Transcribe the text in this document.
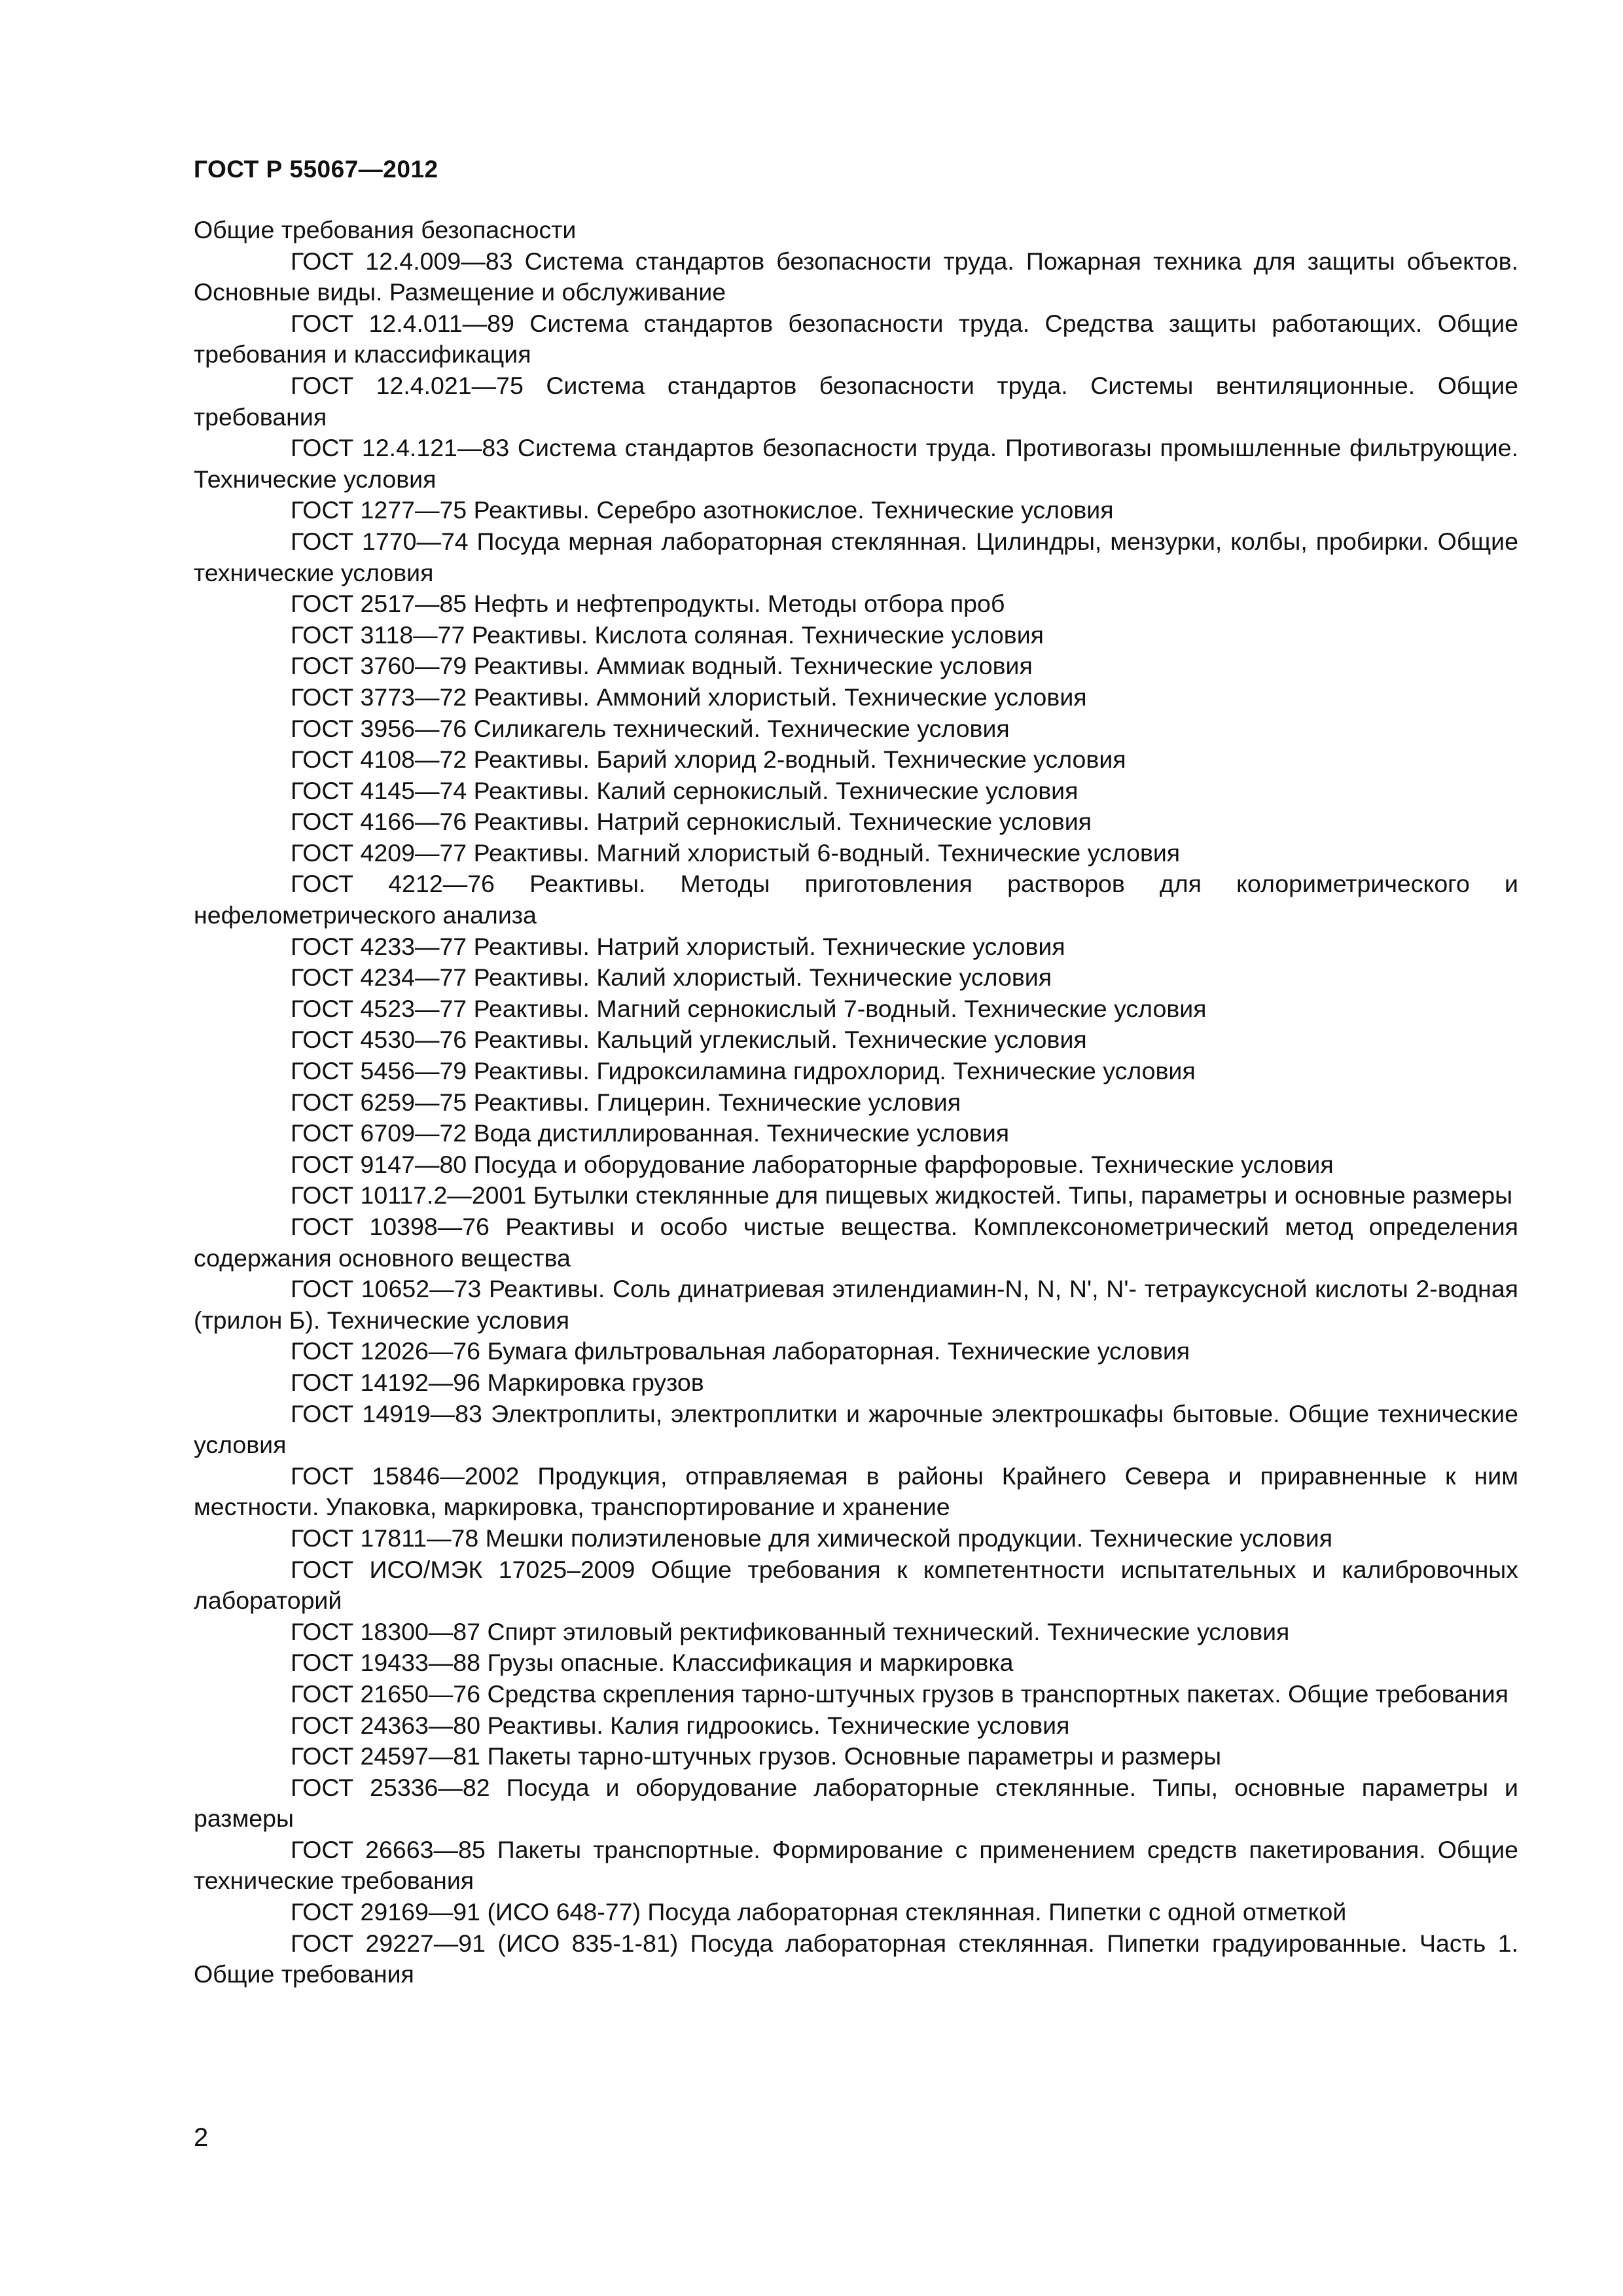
ГОСТ Р 55067—2012

Общие требования безопасности

ГОСТ 12.4.009—83 Система стандартов безопасности труда. Пожарная техника для защиты объектов. Основные виды. Размещение и обслуживание

ГОСТ 12.4.011—89 Система стандартов безопасности труда. Средства защиты работающих. Общие требования и классификация

ГОСТ 12.4.021—75 Система стандартов безопасности труда. Системы вентиляционные. Общие требования

ГОСТ 12.4.121—83 Система стандартов безопасности труда. Противогазы промышленные фильтрующие. Технические условия

ГОСТ 1277—75 Реактивы. Серебро азотнокислое. Технические условия

ГОСТ 1770—74 Посуда мерная лабораторная стеклянная. Цилиндры, мензурки, колбы, пробирки. Общие технические условия

ГОСТ 2517—85 Нефть и нефтепродукты. Методы отбора проб

ГОСТ 3118—77 Реактивы. Кислота соляная. Технические условия

ГОСТ 3760—79 Реактивы. Аммиак водный. Технические условия

ГОСТ 3773—72 Реактивы. Аммоний хлористый. Технические условия

ГОСТ 3956—76 Силикагель технический. Технические условия

ГОСТ 4108—72 Реактивы. Барий хлорид 2-водный. Технические условия

ГОСТ 4145—74 Реактивы. Калий сернокислый. Технические условия

ГОСТ 4166—76 Реактивы. Натрий сернокислый. Технические условия

ГОСТ 4209—77 Реактивы. Магний хлористый 6-водный. Технические условия

ГОСТ 4212—76 Реактивы. Методы приготовления растворов для колориметрического и нефелометрического анализа

ГОСТ 4233—77 Реактивы. Натрий хлористый. Технические условия

ГОСТ 4234—77 Реактивы. Калий хлористый. Технические условия

ГОСТ 4523—77 Реактивы. Магний сернокислый 7-водный. Технические условия

ГОСТ 4530—76 Реактивы. Кальций углекислый. Технические условия

ГОСТ 5456—79 Реактивы. Гидроксиламина гидрохлорид. Технические условия

ГОСТ 6259—75 Реактивы. Глицерин. Технические условия

ГОСТ 6709—72 Вода дистиллированная. Технические условия

ГОСТ 9147—80 Посуда и оборудование лабораторные фарфоровые. Технические условия

ГОСТ 10117.2—2001 Бутылки стеклянные для пищевых жидкостей. Типы, параметры и основные размеры

ГОСТ 10398—76 Реактивы и особо чистые вещества. Комплексонометрический метод определения содержания основного вещества

ГОСТ 10652—73 Реактивы. Соль динатриевая этилендиамин-N, N, N', N'- тетрауксусной кислоты 2-водная (трилон Б). Технические условия

ГОСТ 12026—76 Бумага фильтровальная лабораторная. Технические условия

ГОСТ 14192—96 Маркировка грузов

ГОСТ 14919—83 Электроплиты, электроплитки и жарочные электрошкафы бытовые. Общие технические условия

ГОСТ 15846—2002 Продукция, отправляемая в районы Крайнего Севера и приравненные к ним местности. Упаковка, маркировка, транспортирование и хранение

ГОСТ 17811—78 Мешки полиэтиленовые для химической продукции. Технические условия

ГОСТ ИСО/МЭК 17025–2009 Общие требования к компетентности испытательных и калибровочных лабораторий

ГОСТ 18300—87 Спирт этиловый ректификованный технический. Технические условия

ГОСТ 19433—88 Грузы опасные. Классификация и маркировка

ГОСТ 21650—76 Средства скрепления тарно-штучных грузов в транспортных пакетах. Общие требования

ГОСТ 24363—80 Реактивы. Калия гидроокись. Технические условия

ГОСТ 24597—81 Пакеты тарно-штучных грузов. Основные параметры и размеры

ГОСТ 25336—82 Посуда и оборудование лабораторные стеклянные. Типы, основные параметры и размеры

ГОСТ 26663—85 Пакеты транспортные. Формирование с применением средств пакетирования. Общие технические требования

ГОСТ 29169—91 (ИСО 648-77) Посуда лабораторная стеклянная. Пипетки с одной отметкой

ГОСТ 29227—91 (ИСО 835-1-81) Посуда лабораторная стеклянная. Пипетки градуированные. Часть 1. Общие требования

2
